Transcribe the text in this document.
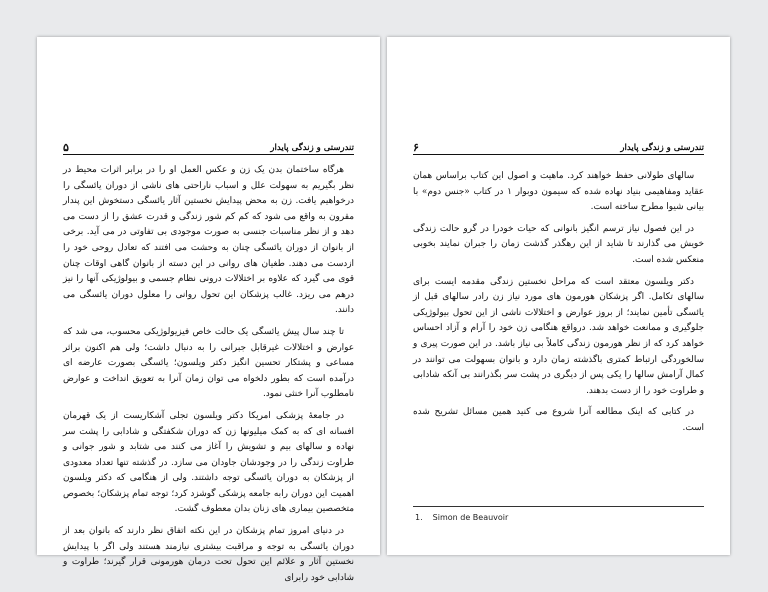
تندرستی و زندگی پایدار
۵

هرگاه ساختمان بدن یک زن و عکس العمل او را در برابر اثرات محیط در نظر بگیریم به سهولت علل و اسباب ناراحتی های ناشی از دوران یائسگی را درخواهیم یافت. زن به محض پیدایش نخستین آثار یائسگی دستخوش این پندار مقرون به واقع می شود که کم کم شور زندگی و قدرت عشق را از دست می دهد و از نظر مناسبات جنسی به صورت موجودی بی تفاوتی در می آید. برخی از بانوان از دوران یائسگی چنان به وحشت می افتند که تعادل روحی خود را ازدست می دهند. طغیان های روانی در این دسته از بانوان گاهی اوقات چنان قوی می گیرد که علاوه بر اختلالات درونی نظام جسمی و بیولوژیکی آنها را نیز درهم می ریزد. غالب پزشکان این تحول روانی را معلول دوران یائسگی می دانند.

تا چند سال پیش یائسگی یک حالت خاص فیزیولوژیکی محسوب، می شد که عوارض و اختلالات غیرقابل جبرانی را به دنبال داشت؛ ولی هم اکنون براثر مساعی و پشتکار تحسین انگیز دکتر ویلسون؛ یائسگی بصورت عارضه ای درآمده است که بطور دلخواه می توان زمان آنرا به تعویق انداخت و عوارض نامطلوب آنرا خنثی نمود.

در جامعهٔ پزشکی امریکا دکتر ویلسون تجلی آشکاریست از یک قهرمان افسانه ای که به کمک میلیونها زن که دوران شکفتگی و شادابی را پشت سر نهاده و سالهای بیم و تشویش را آغاز می کنند می شتابد و شور جوانی و طراوت زندگی را در وجودشان جاودان می سازد. در گذشته تنها تعداد معدودی از پزشکان به دوران یائسگی توجه داشتند. ولی از هنگامی که دکتر ویلسون اهمیت این دوران رابه جامعه پزشکی گوشزد کرد؛ توجه تمام پزشکان؛ بخصوص متخصصین بیماری های زنان بدان معطوف گشت.

در دنیای امروز تمام پزشکان در این نکته اتفاق نظر دارند که بانوان بعد از دوران یائسگی به توجه و مراقبت بیشتری نیازمند هستند ولی اگر با پیدایش نخستین آثار و علائم این تحول تحت درمان هورمونی قرار گیرند؛ طراوت و شادابی خود رابرای

تندرستی و زندگی پایدار
۶

سالهای طولانی حفظ خواهند کرد. ماهیت و اصول این کتاب براساس همان عقاید ومفاهیمی بنیاد نهاده شده که سیمون دوبوار ۱ در کتاب «جنس دوم» با بیانی شیوا مطرح ساخته است.

در این فصول نیاز ترسم انگیز بانوانی که حیات خودرا در گرو حالت زندگی خویش می گذارند تا شاید از این رهگذر گذشت زمان را جبران نمایند بخوبی منعکس شده است.

دکتر ویلسون معتقد است که مراحل نخستین زندگی مقدمه ایست برای سالهای تکامل. اگر پزشکان هورمون های مورد نیاز زن رادر سالهای قبل از یائسگی تأمین نمایند؛ از بروز عوارض و اختلالات ناشی از این تحول بیولوژیکی جلوگیری و ممانعت خواهد شد. درواقع هنگامی زن خود را آرام و آزاد احساس خواهد کرد که از نظر هورمون زندگی کاملاً بی نیاز باشد. در این صورت پیری و سالخوردگی ارتباط کمتری باگذشته زمان دارد و بانوان بسهولت می توانند در کمال آرامش سالها را یکی پس از دیگری در پشت سر بگذرانند بی آنکه شادابی و طراوت خود را از دست بدهند.

در کتابی که اینک مطالعه آنرا شروع می کنید همین مسائل تشریح شده است.

1. Simon de Beauvoir
